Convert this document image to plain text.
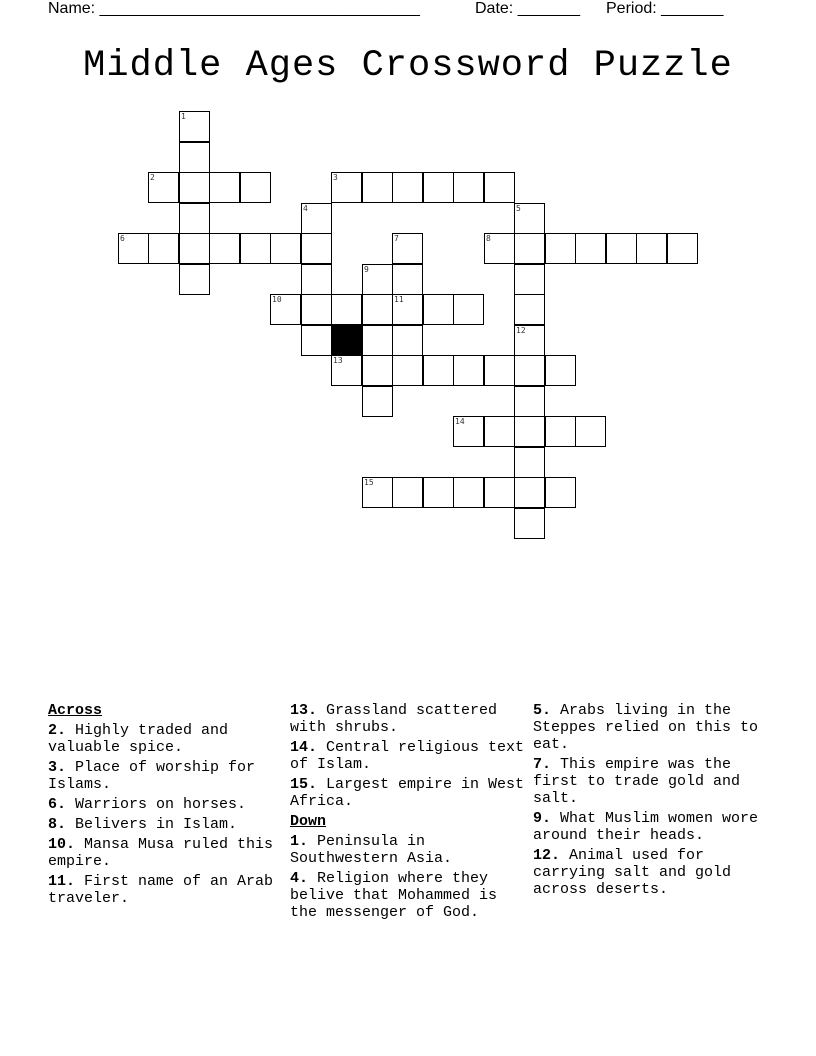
Name: ____________________________________	Date: _______ Period: _______
Middle Ages Crossword Puzzle
1
2	3
4
6
5
7
11
8
9
10
12
13
14
15
Across
2. Highly traded and valuable spice.
3. Place of worship for Islams.
6. Warriors on horses.
8. Belivers in Islam.
10. Mansa Musa ruled this empire.
11. First name of an Arab traveler.
13. Grassland scattered with shrubs.
14. Central religious text of Islam.
15. Largest empire in West Africa.
Down
1. Peninsula in Southwestern Asia.
4. Religion where they belive that Mohammed is the messenger of God.
5. Arabs living in the Steppes relied on this to eat.
7. This empire was the first to trade gold and salt.
9. What Muslim women wore around their heads.
12. Animal used for carrying salt and gold across deserts.
